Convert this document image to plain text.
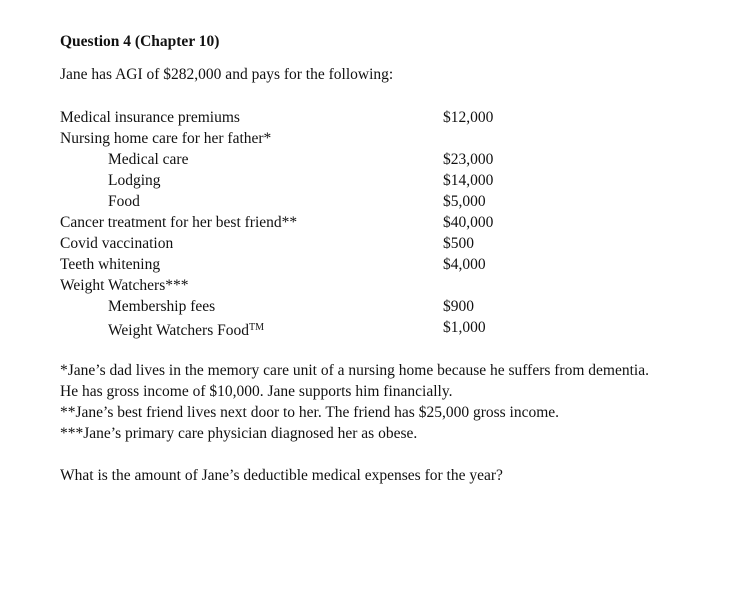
Question 4 (Chapter 10)
Jane has AGI of $282,000 and pays for the following:
Medical insurance premiums	$12,000
Nursing home care for her father*
Medical care	$23,000
Lodging	$14,000
Food	$5,000
Cancer treatment for her best friend**	$40,000
Covid vaccination	$500
Teeth whitening	$4,000
Weight Watchers***
Membership fees	$900
Weight Watchers Food™	$1,000
*Jane’s dad lives in the memory care unit of a nursing home because he suffers from dementia.
He has gross income of $10,000. Jane supports him financially.
**Jane’s best friend lives next door to her. The friend has $25,000 gross income.
***Jane’s primary care physician diagnosed her as obese.
What is the amount of Jane’s deductible medical expenses for the year?
